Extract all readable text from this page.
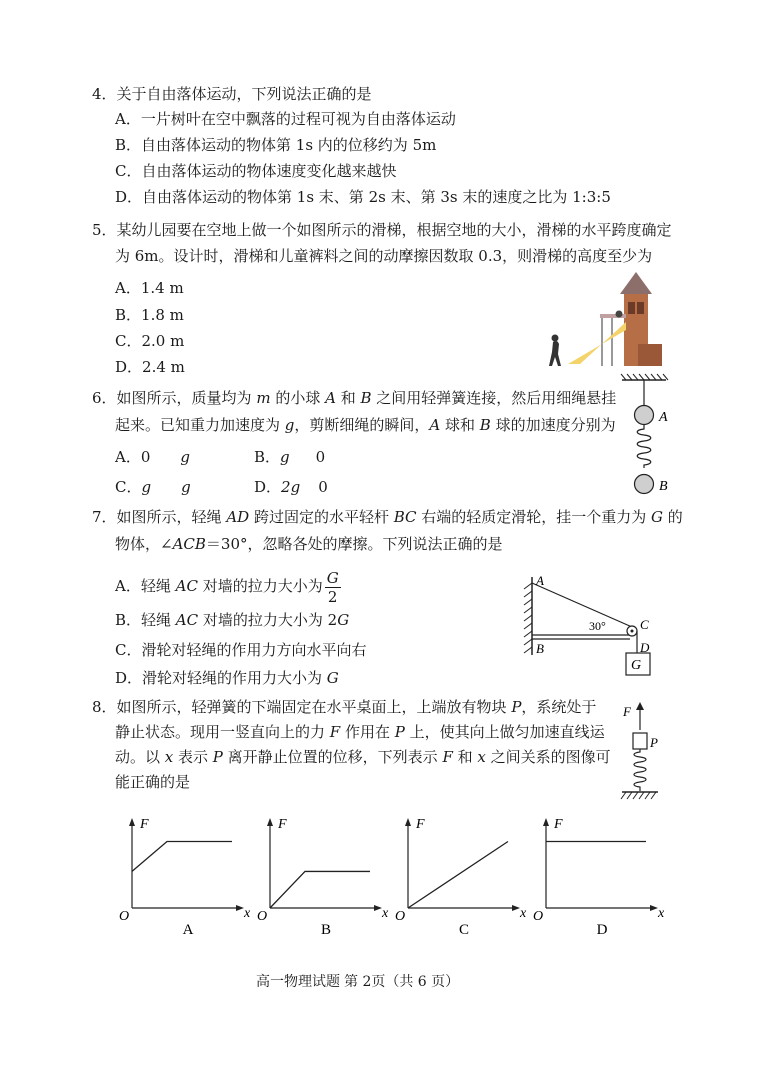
4．关于自由落体运动，下列说法正确的是
A．一片树叶在空中飘落的过程可视为自由落体运动
B．自由落体运动的物体第 1s 内的位移约为 5m
C．自由落体运动的物体速度变化越来越快
D．自由落体运动的物体第 1s 末、第 2s 末、第 3s 末的速度之比为 1:3:5
5．某幼儿园要在空地上做一个如图所示的滑梯，根据空地的大小，滑梯的水平跨度确定
为 6m。设计时，滑梯和儿童裤料之间的动摩擦因数取 0.3，则滑梯的高度至少为
A．1.4 m
B．1.8 m
C．2.0 m
D．2.4 m
6．如图所示，质量均为 m 的小球 A 和 B 之间用轻弹簧连接，然后用细绳悬挂
起来。已知重力加速度为 g，剪断细绳的瞬间，A 球和 B 球的加速度分别为
A．0 g	B．g 0
C．g g	D．2g 0
A
B
7．如图所示，轻绳 AD 跨过固定的水平轻杆 BC 右端的轻质定滑轮，挂一个重力为 G 的
物体，∠ACB＝30°，忽略各处的摩擦。下列说法正确的是
A．轻绳 AC 对墙的拉力大小为 $\frac{G}{2}$
B．轻绳 AC 对墙的拉力大小为 2G
C．滑轮对轻绳的作用力方向水平向右
D．滑轮对轻绳的作用力大小为 G
G
A
B
C
D
30°
8．如图所示，轻弹簧的下端固定在水平桌面上，上端放有物块 P，系统处于
静止状态。现用一竖直向上的力 F 作用在 P 上，使其向上做匀加速直线运
动。以 x 表示 P 离开静止位置的位移，下列表示 F 和 x 之间关系的图像可
能正确的是
F
P
F
x
O
A
F
x
O
B
F
x
O
C
F
x
O
D
高一物理试题 第 2页（共 6 页）
